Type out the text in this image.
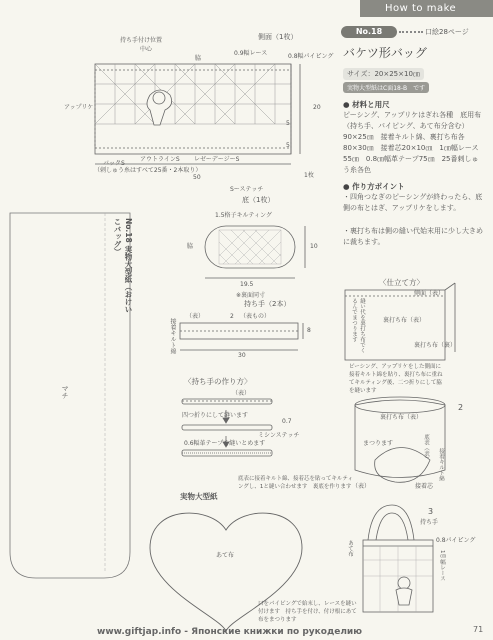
How to make
No.18	口絵28ページ
バケツ形バッグ
サイズ：20×25×10㎝
実物大型紙はC面18-B　です
● 材料と用尺
ピーシング、アップリケはぎれ各種　底用布（持ち手、パイピング、あて布分含む）90×25㎝　接着キルト綿、裏打ち布各80×30㎝　接着芯20×10㎝　1㎝幅レース55㎝　0.8㎝幅革テープ75㎝　25番刺しゅう糸各色
● 作り方ポイント
・四角つなぎのピーシングが終わったら、底側の布とはぎ、アップリケをします。
・裏打ち布は側の縫い代始末用に少し大きめに裁ちます。
側面（1枚）
持ち手付け位置
中心
脇
0.9幅レース	0.8幅パイピング
アップリケ
バックS
（刺しゅう糸はすべて25番・2本取り）
アウトラインS レゼーデージーS
Sーステッチ
50
20
1枚
5
5
底（1枚）
1.5格子キルティング
脇	10
19.5
※裏面同寸
持ち手（2本）
（表）	（表もの）
接着キルト綿
2
8
30
〈持ち手の作り方〉
（表）
四つ折りにして縫います
0.7
ミシンステッチ
0.6幅革テープを縫いとめます
No.18 実物大型紙（おけいこバッグ）
マチ
実物大型紙
あて布
口をパイピングで始末し、レースを縫い付けます　持ち手を付け、付け根にあて布をまつります
〈仕立て方〉
側面（表）
裏打ち布（表）
縫い代を裏打ち布でくるんでまつります
裏打ち布（裏）
ピーシング、アップリケをした側面に接着キルト綿を貼り、裏打ち布に重ねてキルティング後、二つ折りにして脇を縫います
2
裏打ち布（表）
まつります	底表（表）
接着キルト綿
接着芯
（表）
底表に接着キルト綿、接着芯を貼ってキルティングし、1と縫い合わせます　裏底を作ります
3
持ち手
0.8パイピング
1㎝幅レース
あて布
www.giftjap.info - Японские книжки по рукоделию	71
